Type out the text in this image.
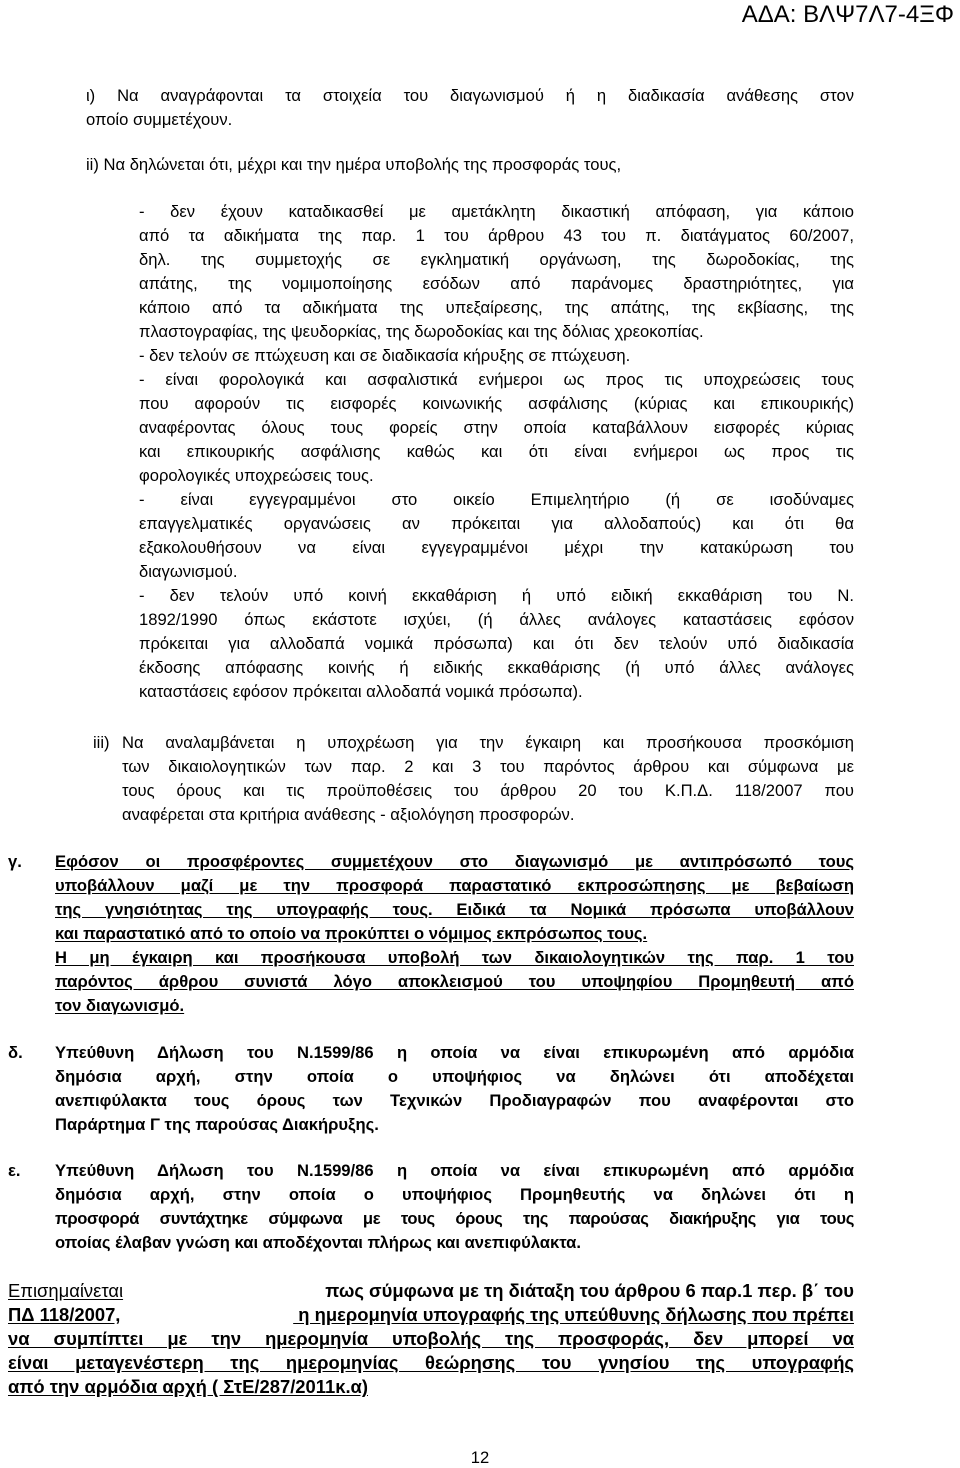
ΑΔΑ: ΒΛΨ7Λ7-4ΞΦ
ι) Να αναγράφονται τα στοιχεία του διαγωνισμού ή η διαδικασία ανάθεσης στον
οποίο συμμετέχουν.
ii) Να δηλώνεται ότι, μέχρι και την ημέρα υποβολής της προσφοράς τους,
- δεν έχουν καταδικασθεί με αμετάκλητη δικαστική απόφαση, για κάποιο
από τα αδικήματα της παρ. 1 του άρθρου 43 του π. διατάγματος 60/2007,
δηλ. της συμμετοχής σε εγκληματική οργάνωση, της δωροδοκίας, της
απάτης, της νομιμοποίησης εσόδων από παράνομες δραστηριότητες, για
κάποιο από τα αδικήματα της υπεξαίρεσης, της απάτης, της εκβίασης, της
πλαστογραφίας, της ψευδορκίας, της δωροδοκίας και της δόλιας χρεοκοπίας.
- δεν τελούν σε πτώχευση και σε διαδικασία κήρυξης σε πτώχευση.
- είναι φορολογικά και ασφαλιστικά ενήμεροι ως προς τις υποχρεώσεις τους
που αφορούν τις εισφορές κοινωνικής ασφάλισης (κύριας και επικουρικής)
αναφέροντας όλους τους φορείς στην οποία καταβάλλουν εισφορές κύριας
και επικουρικής ασφάλισης καθώς και ότι είναι ενήμεροι ως προς τις
φορολογικές υποχρεώσεις τους.
- είναι εγγεγραμμένοι στο οικείο Επιμελητήριο (ή σε ισοδύναμες
επαγγελματικές οργανώσεις αν πρόκειται για αλλοδαπούς) και ότι θα
εξακολουθήσουν να είναι εγγεγραμμένοι μέχρι την κατακύρωση του
διαγωνισμού.
- δεν τελούν υπό κοινή εκκαθάριση ή υπό ειδική εκκαθάριση του Ν.
1892/1990 όπως εκάστοτε ισχύει, (ή άλλες ανάλογες καταστάσεις εφόσον
πρόκειται για αλλοδαπά νομικά πρόσωπα) και ότι δεν τελούν υπό διαδικασία
έκδοσης απόφασης κοινής ή ειδικής εκκαθάρισης (ή υπό άλλες ανάλογες
καταστάσεις εφόσον πρόκειται αλλοδαπά νομικά πρόσωπα).
iii) Να αναλαμβάνεται η υποχρέωση για την έγκαιρη και προσήκουσα προσκόμιση
των δικαιολογητικών των παρ. 2 και 3 του παρόντος άρθρου και σύμφωνα με
τους όρους και τις προϋποθέσεις του άρθρου 20 του Κ.Π.Δ. 118/2007 που
αναφέρεται στα κριτήρια ανάθεσης - αξιολόγηση προσφορών.
γ. Εφόσον οι προσφέροντες συμμετέχουν στο διαγωνισμό με αντιπρόσωπό τους
υποβάλλουν μαζί με την προσφορά παραστατικό εκπροσώπησης με βεβαίωση
της γνησιότητας της υπογραφής τους. Ειδικά τα Νομικά πρόσωπα υποβάλλουν
και παραστατικό από το οποίο να προκύπτει ο νόμιμος εκπρόσωπος τους.
Η μη έγκαιρη και προσήκουσα υποβολή των δικαιολογητικών της παρ. 1 του
παρόντος άρθρου συνιστά λόγο αποκλεισμού του υποψηφίου Προμηθευτή από
τον διαγωνισμό.
δ. Υπεύθυνη Δήλωση του Ν.1599/86 η οποία να είναι επικυρωμένη από αρμόδια
δημόσια αρχή, στην οποία ο υποψήφιος να δηλώνει ότι αποδέχεται
ανεπιφύλακτα τους όρους των Τεχνικών Προδιαγραφών που αναφέρονται στο
Παράρτημα Γ της παρούσας Διακήρυξης.
ε. Υπεύθυνη Δήλωση του Ν.1599/86 η οποία να είναι επικυρωμένη από αρμόδια
δημόσια αρχή, στην οποία ο υποψήφιος Προμηθευτής να δηλώνει ότι η
προσφορά συντάχτηκε σύμφωνα με τους όρους της παρούσας διακήρυξης για τους
οποίας έλαβαν γνώση και αποδέχονται πλήρως και ανεπιφύλακτα.
Επισημαίνεται	πως σύμφωνα με τη διάταξη του άρθρου 6 παρ.1 περ. β΄ του
ΠΔ 118/2007,	η ημερομηνία υπογραφής της υπεύθυνης δήλωσης που πρέπει
να συμπίπτει με την ημερομηνία υποβολής της προσφοράς, δεν μπορεί να
είναι μεταγενέστερη της ημερομηνίας θεώρησης του γνησίου της υπογραφής
από την αρμόδια αρχή ( ΣτΕ/287/2011κ.α)
12
